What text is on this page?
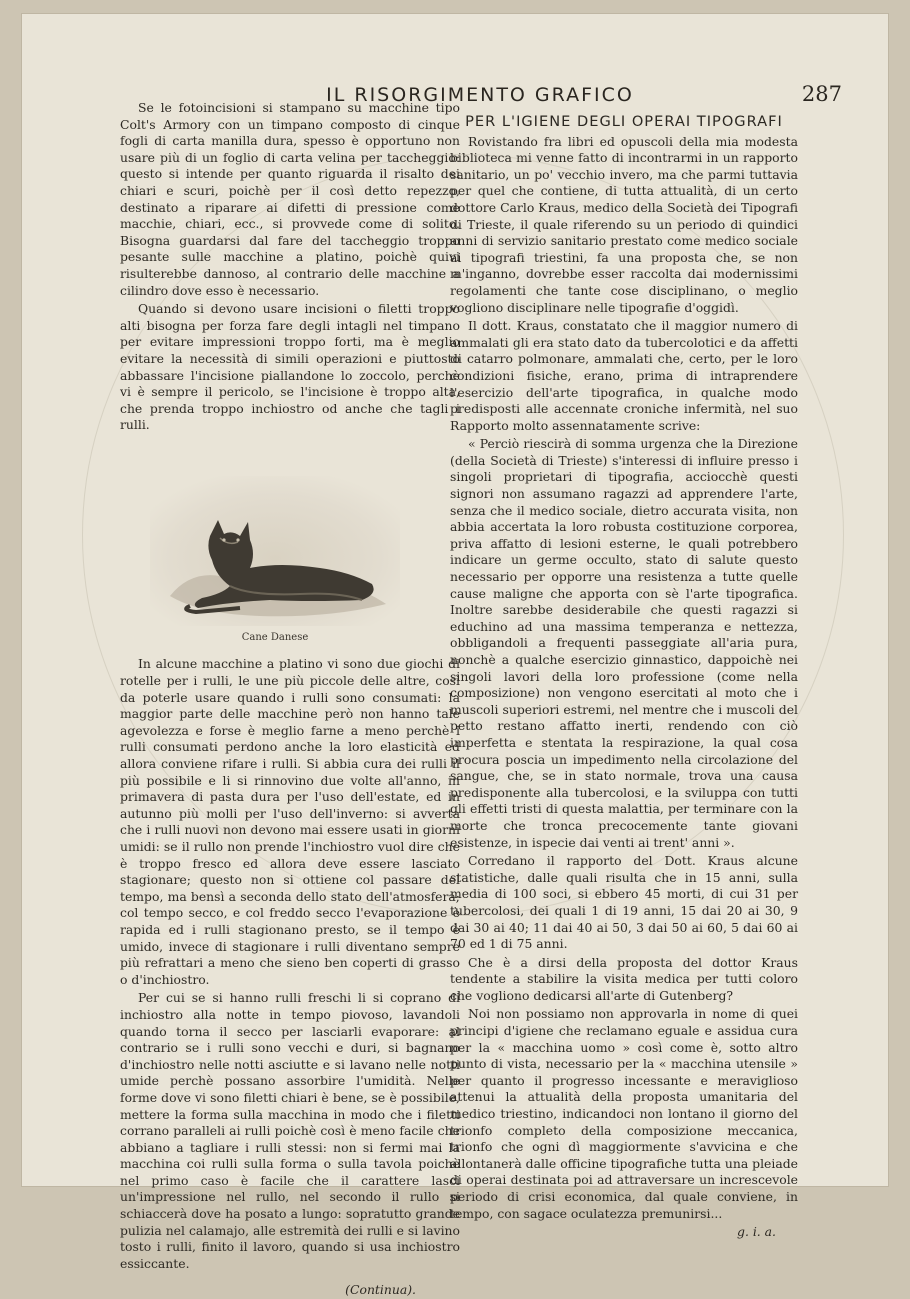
IL RISORGIMENTO GRAFICO	287

Se le fotoincisioni si stampano su macchine tipo Colt's Armory con un timpano composto di cinque fogli di carta manilla dura, spesso è opportuno non usare più di un foglio di carta velina per taccheggio: questo si intende per quanto riguarda il risalto dei chiari e scuri, poichè per il così detto repezzo, destinato a riparare ai difetti di pressione come macchie, chiari, ecc., si provvede come di solito. Bisogna guardarsi dal fare del taccheggio troppo pesante sulle macchine a platino, poichè quivi risulterebbe dannoso, al contrario delle macchine a cilindro dove esso è necessario.

Quando si devono usare incisioni o filetti troppo alti bisogna per forza fare degli intagli nel timpano per evitare impressioni troppo forti, ma è meglio evitare la necessità di simili operazioni e piuttosto abbassare l'incisione piallandone lo zoccolo, perchè vi è sempre il pericolo, se l'incisione è troppo alta, che prenda troppo inchiostro od anche che tagli i rulli.

Cane Danese

In alcune macchine a platino vi sono due giochi di rotelle per i rulli, le une più piccole delle altre, così da poterle usare quando i rulli sono consumati: la maggior parte delle macchine però non hanno tale agevolezza e forse è meglio farne a meno perchè i rulli consumati perdono anche la loro elasticità ed allora conviene rifare i rulli. Si abbia cura dei rulli il più possibile e li si rinnovino due volte all'anno, in primavera di pasta dura per l'uso dell'estate, ed in autunno più molli per l'uso dell'inverno: si avverta che i rulli nuovi non devono mai essere usati in giorni umidi: se il rullo non prende l'inchiostro vuol dire che è troppo fresco ed allora deve essere lasciato stagionare; questo non si ottiene col passare del tempo, ma bensì a seconda dello stato dell'atmosfera; col tempo secco, e col freddo secco l'evaporazione è rapida ed i rulli stagionano presto, se il tempo è umido, invece di stagionare i rulli diventano sempre più refrattari a meno che sieno ben coperti di grasso o d'inchiostro.

Per cui se si hanno rulli freschi li si coprano di inchiostro alla notte in tempo piovoso, lavandoli quando torna il secco per lasciarli evaporare: al contrario se i rulli sono vecchi e duri, si bagnano d'inchiostro nelle notti asciutte e si lavano nelle notti umide perchè possano assorbire l'umidità. Nelle forme dove vi sono filetti chiari è bene, se è possibile, mettere la forma sulla macchina in modo che i filetti corrano paralleli ai rulli poichè così è meno facile che abbiano a tagliare i rulli stessi: non si fermi mai la macchina coi rulli sulla forma o sulla tavola poichè nel primo caso è facile che il carattere lasci un'impressione nel rullo, nel secondo il rullo si schiaccerà dove ha posato a lungo: sopratutto grande pulizia nel calamajo, alle estremità dei rulli e si lavino tosto i rulli, finito il lavoro, quando si usa inchiostro essiccante.

(Continua).
PER L'IGIENE DEGLI OPERAI TIPOGRAFI

Rovistando fra libri ed opuscoli della mia modesta biblioteca mi venne fatto di incontrarmi in un rapporto sanitario, un po' vecchio invero, ma che parmi tuttavia per quel che contiene, di tutta attualità, di un certo dottore Carlo Kraus, medico della Società dei Tipografi di Trieste, il quale riferendo su un periodo di quindici anni di servizio sanitario prestato come medico sociale ai tipografi triestini, fa una proposta che, se non m'inganno, dovrebbe esser raccolta dai modernissimi regolamenti che tante cose disciplinano, o meglio vogliono disciplinare nelle tipografie d'oggidì.

Il dott. Kraus, constatato che il maggior numero di ammalati gli era stato dato da tubercolotici e da affetti di catarro polmonare, ammalati che, certo, per le loro condizioni fisiche, erano, prima di intraprendere l'esercizio dell'arte tipografica, in qualche modo predisposti alle accennate croniche infermità, nel suo Rapporto molto assennatamente scrive:

« Perciò riescirà di somma urgenza che la Direzione (della Società di Trieste) s'interessi di influire presso i singoli proprietari di tipografia, acciocchè questi signori non assumano ragazzi ad apprendere l'arte, senza che il medico sociale, dietro accurata visita, non abbia accertata la loro robusta costituzione corporea, priva affatto di lesioni esterne, le quali potrebbero indicare un germe occulto, stato di salute questo necessario per opporre una resistenza a tutte quelle cause maligne che apporta con sè l'arte tipografica. Inoltre sarebbe desiderabile che questi ragazzi si educhino ad una massima temperanza e nettezza, obbligandoli a frequenti passeggiate all'aria pura, nonchè a qualche esercizio ginnastico, dappoichè nei singoli lavori della loro professione (come nella composizione) non vengono esercitati al moto che i muscoli superiori estremi, nel mentre che i muscoli del petto restano affatto inerti, rendendo con ciò imperfetta e stentata la respirazione, la qual cosa procura poscia un impedimento nella circolazione del sangue, che, se in stato normale, trova una causa predisponente alla tubercolosi, e la sviluppa con tutti gli effetti tristi di questa malattia, per terminare con la morte che tronca precocemente tante giovani esistenze, in ispecie dai venti ai trent' anni ».

Corredano il rapporto del Dott. Kraus alcune statistiche, dalle quali risulta che in 15 anni, sulla media di 100 soci, si ebbero 45 morti, di cui 31 per tubercolosi, dei quali 1 di 19 anni, 15 dai 20 ai 30, 9 dai 30 ai 40; 11 dai 40 ai 50, 3 dai 50 ai 60, 5 dai 60 ai 70 ed 1 di 75 anni.

Che è a dirsi della proposta del dottor Kraus tendente a stabilire la visita medica per tutti coloro che vogliono dedicarsi all'arte di Gutenberg?

Noi non possiamo non approvarla in nome di quei principi d'igiene che reclamano eguale e assidua cura per la « macchina uomo » così come è, sotto altro punto di vista, necessario per la « macchina utensile » per quanto il progresso incessante e meraviglioso attenui la attualità della proposta umanitaria del medico triestino, indicandoci non lontano il giorno del trionfo completo della composizione meccanica, trionfo che ogni dì maggiormente s'avvicina e che allontanerà dalle officine tipografiche tutta una pleiade di operai destinata poi ad attraversare un increscevole periodo di crisi economica, dal quale conviene, in tempo, con sagace oculatezza premunirsi...

g. i. a.
